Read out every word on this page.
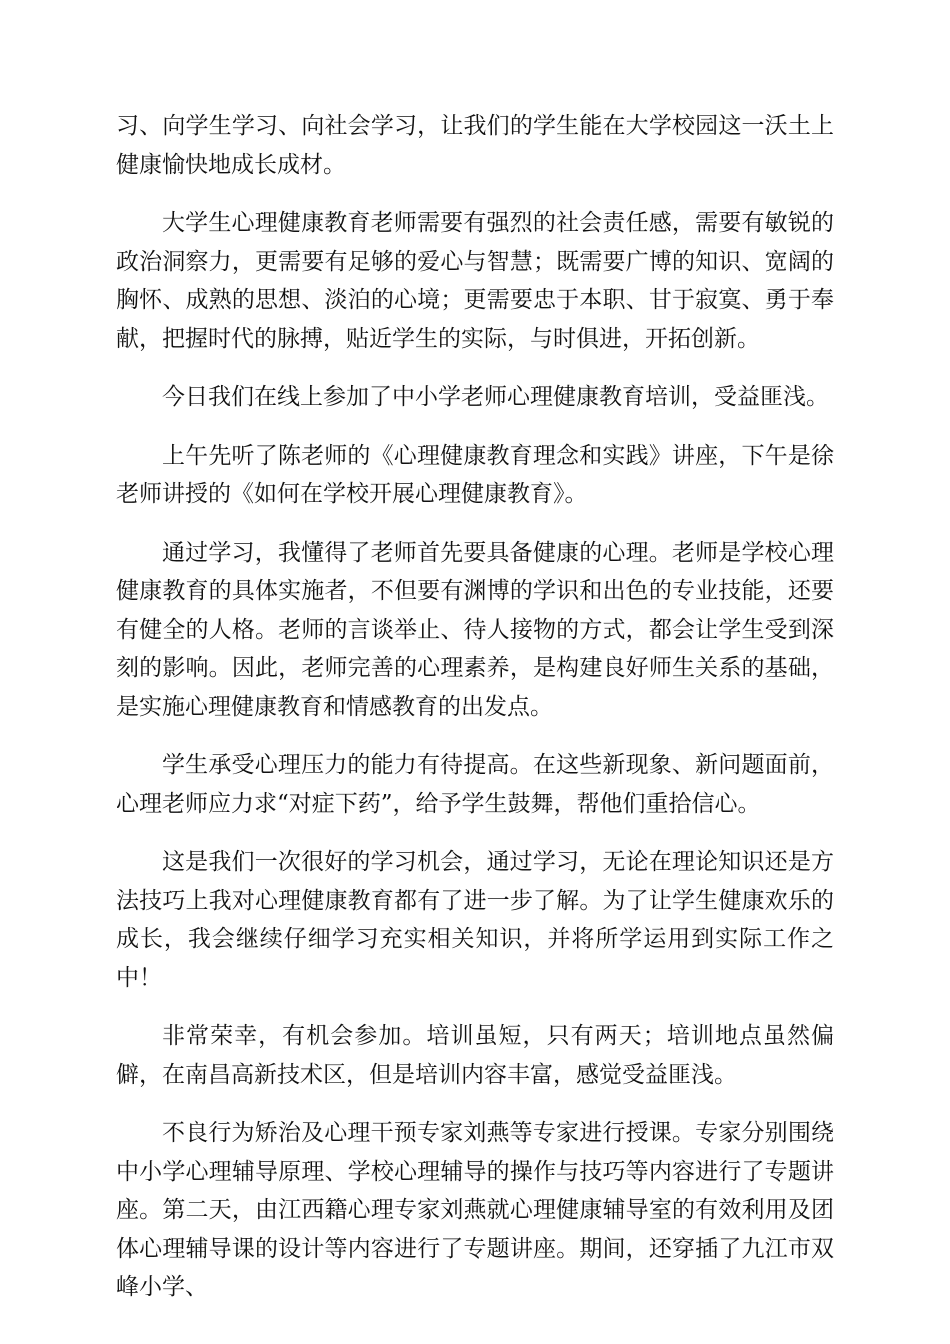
习、向学生学习、向社会学习，让我们的学生能在大学校园这一沃土上健康愉快地成长成材。

大学生心理健康教育老师需要有强烈的社会责任感，需要有敏锐的政治洞察力，更需要有足够的爱心与智慧；既需要广博的知识、宽阔的胸怀、成熟的思想、淡泊的心境；更需要忠于本职、甘于寂寞、勇于奉献，把握时代的脉搏，贴近学生的实际，与时俱进，开拓创新。

今日我们在线上参加了中小学老师心理健康教育培训，受益匪浅。

上午先听了陈老师的《心理健康教育理念和实践》讲座，下午是徐老师讲授的《如何在学校开展心理健康教育》。

通过学习，我懂得了老师首先要具备健康的心理。老师是学校心理健康教育的具体实施者，不但要有渊博的学识和出色的专业技能，还要有健全的人格。老师的言谈举止、待人接物的方式，都会让学生受到深刻的影响。因此，老师完善的心理素养，是构建良好师生关系的基础，是实施心理健康教育和情感教育的出发点。

学生承受心理压力的能力有待提高。在这些新现象、新问题面前，心理老师应力求“对症下药”，给予学生鼓舞，帮他们重拾信心。

这是我们一次很好的学习机会，通过学习，无论在理论知识还是方法技巧上我对心理健康教育都有了进一步了解。为了让学生健康欢乐的成长，我会继续仔细学习充实相关知识，并将所学运用到实际工作之中！

非常荣幸，有机会参加。培训虽短，只有两天；培训地点虽然偏僻，在南昌高新技术区，但是培训内容丰富，感觉受益匪浅。

不良行为矫治及心理干预专家刘燕等专家进行授课。专家分别围绕中小学心理辅导原理、学校心理辅导的操作与技巧等内容进行了专题讲座。第二天，由江西籍心理专家刘燕就心理健康辅导室的有效利用及团体心理辅导课的设计等内容进行了专题讲座。期间，还穿插了九江市双峰小学、
